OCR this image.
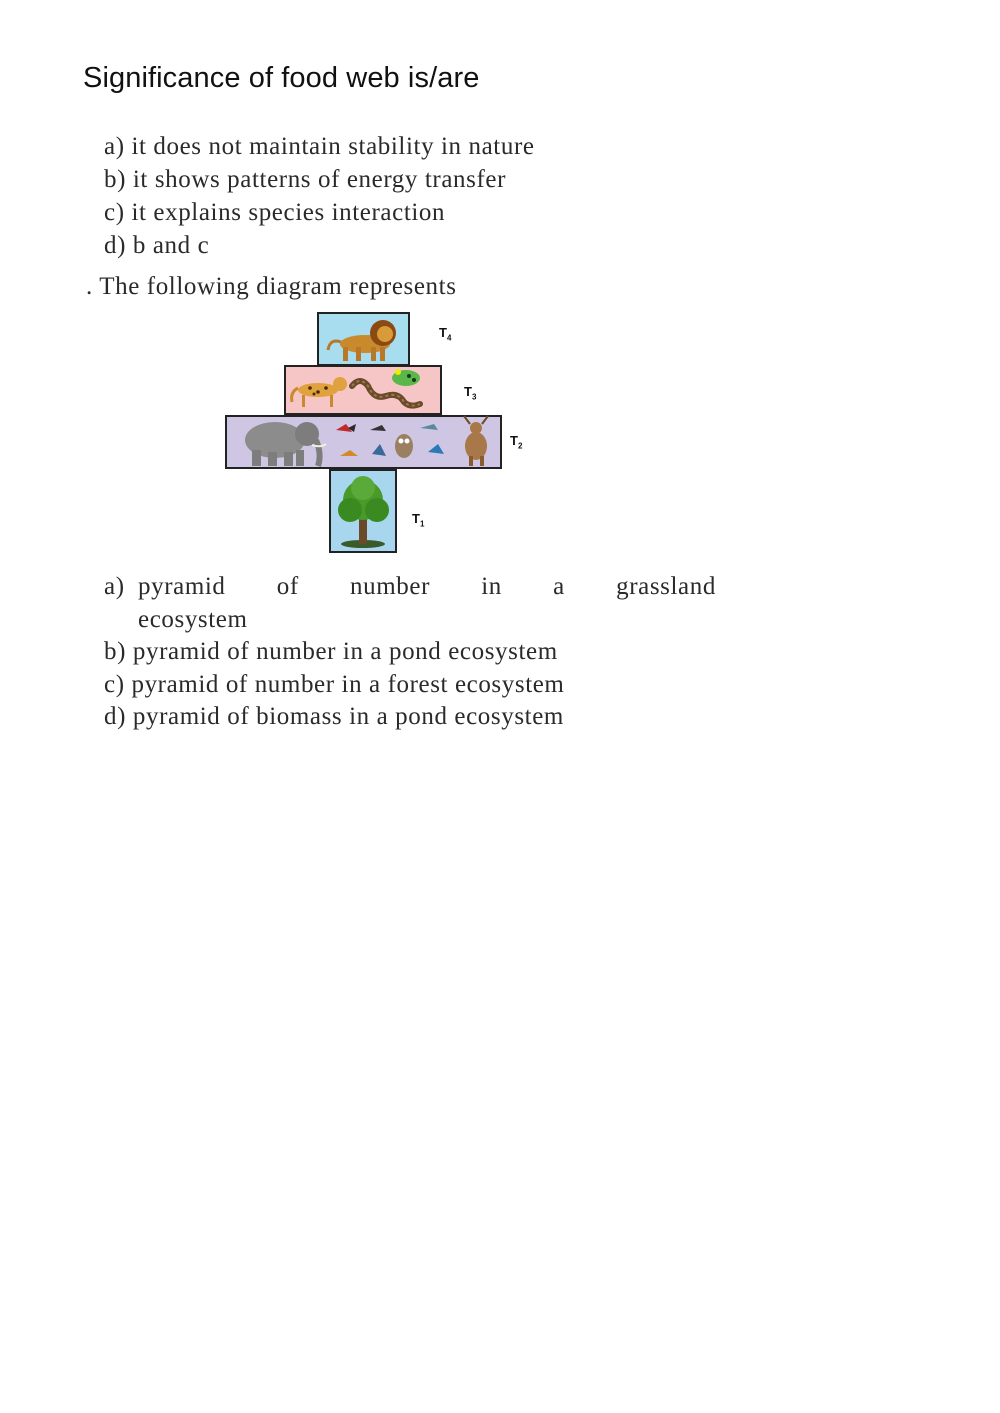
Significance of food web is/are
a) it does not maintain stability in nature
b) it shows patterns of energy transfer
c) it explains species interaction
d) b and c
. The following diagram represents
$T_4$
$T_3$
$T_2$
$T_1$
a) pyramid of number in a grassland
ecosystem
b) pyramid of number in a pond ecosystem
c) pyramid of number in a forest ecosystem
d) pyramid of biomass in a pond ecosystem
